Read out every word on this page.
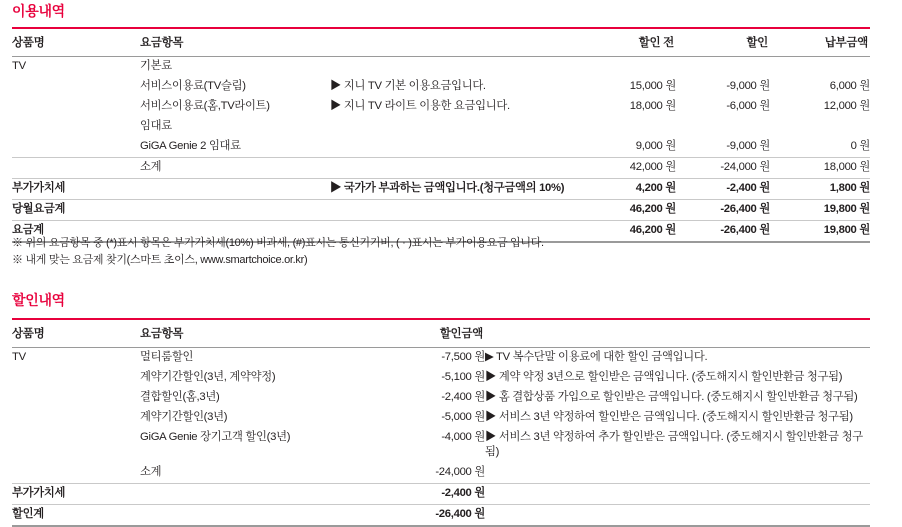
이용내역
상품명	요금항목		할인 전	할인	납부금액
TV	기본료				
	서비스이용료(TV슬림)	▶ 지니 TV 기본 이용요금입니다.	15,000 원	-9,000 원	6,000 원
	서비스이용료(홈,TV라이트)	▶ 지니 TV 라이트 이용한 요금입니다.	18,000 원	-6,000 원	12,000 원
	임대료				
	GiGA Genie 2 임대료		9,000 원	-9,000 원	0 원
	소계		42,000 원	-24,000 원	18,000 원
부가가치세		▶ 국가가 부과하는 금액입니다.(청구금액의 10%)	4,200 원	-2,400 원	1,800 원
당월요금계			46,200 원	-26,400 원	19,800 원
요금계			46,200 원	-26,400 원	19,800 원
※ 위의 요금항목 중 (*)표시 항목은 부가가치세(10%) 비과세, (#)표시는 통신기기비, ( · )표시는 부가이용요금 입니다.
※ 내게 맞는 요금제 찾기(스마트 초이스, www.smartchoice.or.kr)
할인내역
상품명	요금항목	할인금액	
TV	멀티룸할인	-7,500 원	▶ TV 복수단말 이용료에 대한 할인 금액입니다.
	계약기간할인(3년, 계약약정)	-5,100 원	▶ 계약 약정 3년으로 할인받은 금액입니다. (중도해지시 할인반환금 청구됨)
	결합할인(홈,3년)	-2,400 원	▶ 홈 결합상품 가입으로 할인받은 금액입니다. (중도해지시 할인반환금 청구됨)
	계약기간할인(3년)	-5,000 원	▶ 서비스 3년 약정하여 할인받은 금액입니다. (중도해지시 할인반환금 청구됨)
	GiGA Genie 장기고객 할인(3년)	-4,000 원	▶ 서비스 3년 약정하여 추가 할인받은 금액입니다. (중도해지시 할인반환금 청구됨)
	소계	-24,000 원	
부가가치세		-2,400 원	
할인계		-26,400 원	
